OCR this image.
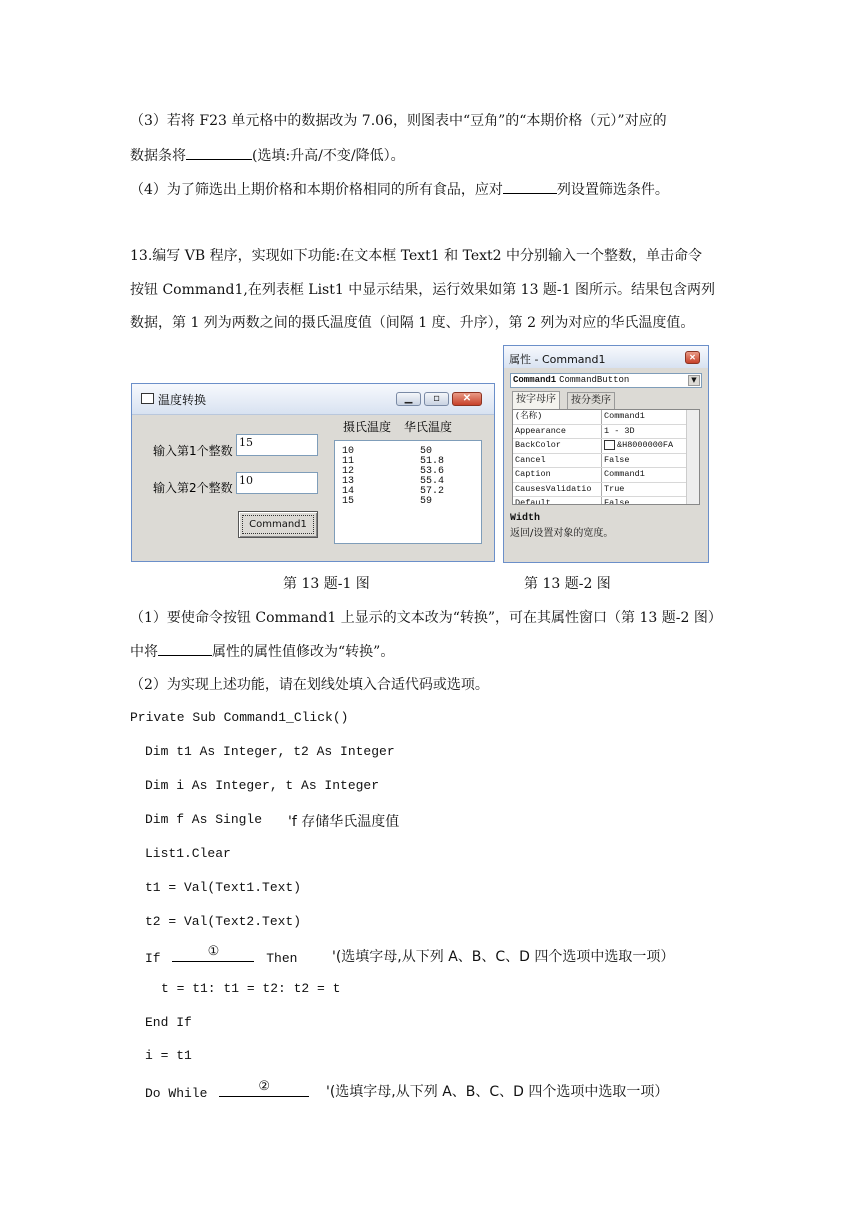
（3）若将 F23 单元格中的数据改为 7.06，则图表中“豆角”的“本期价格（元）”对应的
数据条将	(选填:升高/不变/降低）。
（4）为了筛选出上期价格和本期价格相同的所有食品，应对	列设置筛选条件。
13.编写 VB 程序，实现如下功能:在文本框 Text1 和 Text2 中分别输入一个整数，单击命令
按钮 Command1,在列表框 List1 中显示结果，运行效果如第 13 题-1 图所示。结果包含两列
数据，第 1 列为两数之间的摄氏温度值（间隔 1 度、升序），第 2 列为对应的华氏温度值。
温度转换	▁	▫	✕
摄氏温度 华氏温度
输入第1个整数
15
输入第2个整数
10
Command1
10	50
11	51.8
12	53.6
13	55.4
14	57.2
15	59
属性 - Command1	✕
Command1 CommandButton	▼
按字母序	按分类序
(名称)	Command1
Appearance	1 - 3D
BackColor	&H8000000FA
Cancel	False
Caption	Command1
CausesValidatio	True
Default	False
Width
返回/设置对象的宽度。
第 13 题-1 图	第 13 题-2 图
（1）要使命令按钮 Command1 上显示的文本改为“转换”，可在其属性窗口（第 13 题-2 图）
中将	属性的属性值修改为“转换”。
（2）为实现上述功能，请在划线处填入合适代码或选项。
Private Sub Command1_Click()
Dim t1 As Integer, t2 As Integer
Dim i As Integer, t As Integer
Dim f As Single 'f 存储华氏温度值
List1.Clear
t1 = Val(Text1.Text)
t2 = Val(Text2.Text)
If	①	Then '(选填字母,从下列 A、B、C、D 四个选项中选取一项）
t = t1: t1 = t2: t2 = t
End If
i = t1
Do While	②	'(选填字母,从下列 A、B、C、D 四个选项中选取一项）
